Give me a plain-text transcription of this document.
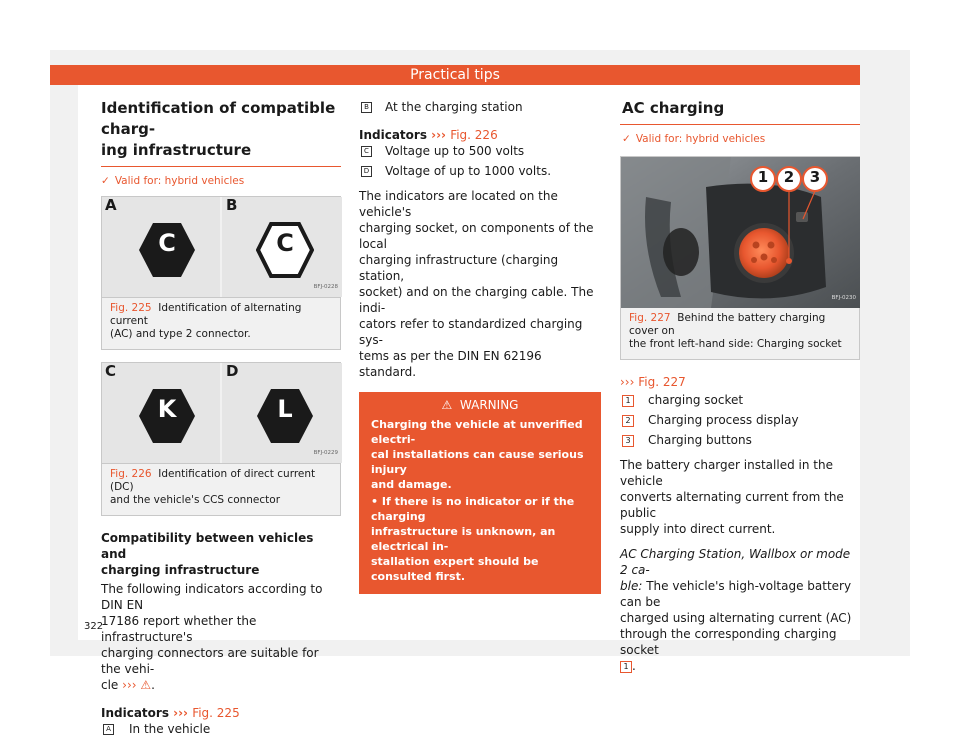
Practical tips
Identification of compatible charg-
ing infrastructure
✓ Valid for: hybrid vehicles
A
C
B
C
BFJ-0228
Fig. 225 Identification of alternating current
(AC) and type 2 connector.
C
K
D
L
BFJ-0229
Fig. 226 Identification of direct current (DC)
and the vehicle's CCS connector
Compatibility between vehicles and
charging infrastructure
The following indicators according to DIN EN
17186 report whether the infrastructure's
charging connectors are suitable for the vehi-
cle ››› ⚠.
Indicators ››› Fig. 225
A In the vehicle
322
B At the charging station
Indicators ››› Fig. 226
C Voltage up to 500 volts
D Voltage of up to 1000 volts.
The indicators are located on the vehicle's
charging socket, on components of the local
charging infrastructure (charging station,
socket) and on the charging cable. The indi-
cators refer to standardized charging sys-
tems as per the DIN EN 62196 standard.
⚠ WARNING
Charging the vehicle at unverified electri-
cal installations can cause serious injury
and damage.
• If there is no indicator or if the charging
infrastructure is unknown, an electrical in-
stallation expert should be consulted first.
AC charging
✓ Valid for: hybrid vehicles
1	2	3
BFJ-0230
Fig. 227 Behind the battery charging cover on
the front left-hand side: Charging socket
››› Fig. 227
1 charging socket
2 Charging process display
3 Charging buttons
The battery charger installed in the vehicle
converts alternating current from the public
supply into direct current.
AC Charging Station, Wallbox or mode 2 ca-
ble: The vehicle's high-voltage battery can be
charged using alternating current (AC)
through the corresponding charging socket
1 .
